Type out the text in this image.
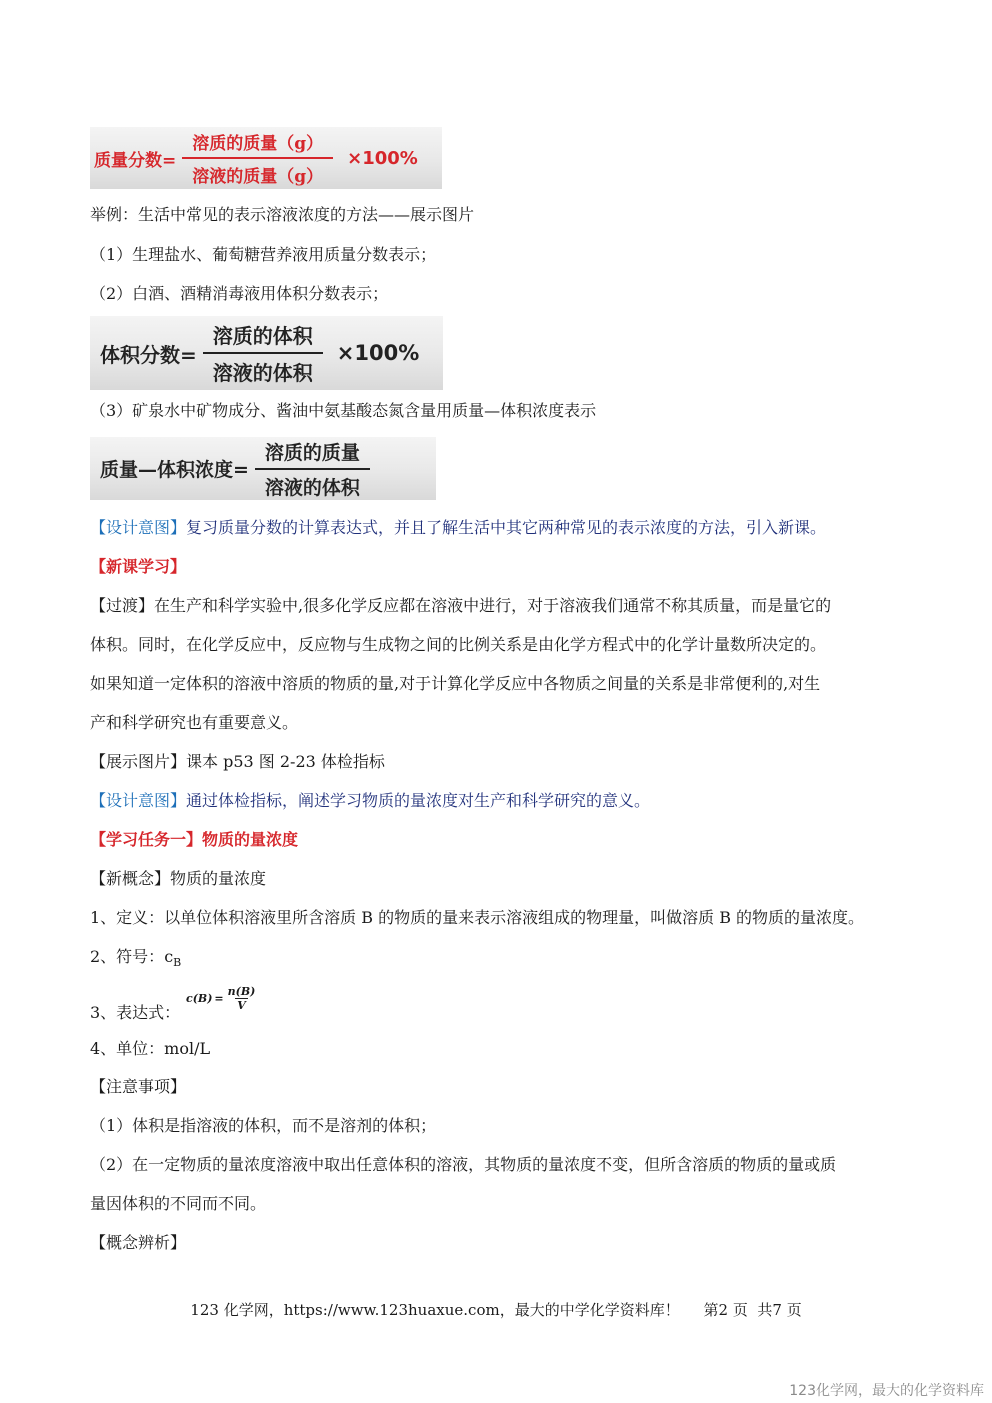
质量分数= $\frac{\text{溶质的质量（g）}}{\text{溶液的质量（g）}} \times 100\%$
举例：生活中常见的表示溶液浓度的方法——展示图片
（1）生理盐水、葡萄糖营养液用质量分数表示；
（2）白酒、酒精消毒液用体积分数表示；
体积分数= $\frac{\text{溶质的体积}}{\text{溶液的体积}} \times 100\%$
（3）矿泉水中矿物成分、酱油中氨基酸态氮含量用质量—体积浓度表示
质量—体积浓度= $\frac{\text{溶质的质量}}{\text{溶液的体积}}$
【设计意图】复习质量分数的计算表达式，并且了解生活中其它两种常见的表示浓度的方法，引入新课。
【新课学习】
【过渡】在生产和科学实验中,很多化学反应都在溶液中进行，对于溶液我们通常不称其质量，而是量它的
体积。同时，在化学反应中，反应物与生成物之间的比例关系是由化学方程式中的化学计量数所决定的。
如果知道一定体积的溶液中溶质的物质的量,对于计算化学反应中各物质之间量的关系是非常便利的,对生
产和科学研究也有重要意义。
【展示图片】课本 p53 图 2-23 体检指标
【设计意图】通过体检指标，阐述学习物质的量浓度对生产和科学研究的意义。
【学习任务一】物质的量浓度
【新概念】物质的量浓度
1、定义：以单位体积溶液里所含溶质 B 的物质的量来表示溶液组成的物理量，叫做溶质 B 的物质的量浓度。
2、符号：$c_B$
3、表达式：
$c(B) = \frac{n(B)}{V}$
4、单位：mol/L
【注意事项】
（1）体积是指溶液的体积，而不是溶剂的体积；
（2）在一定物质的量浓度溶液中取出任意体积的溶液，其物质的量浓度不变，但所含溶质的物质的量或质
量因体积的不同而不同。
【概念辨析】
123 化学网，https://www.123huaxue.com，最大的中学化学资料库！     第2 页  共7 页
123化学网，最大的化学资料库
